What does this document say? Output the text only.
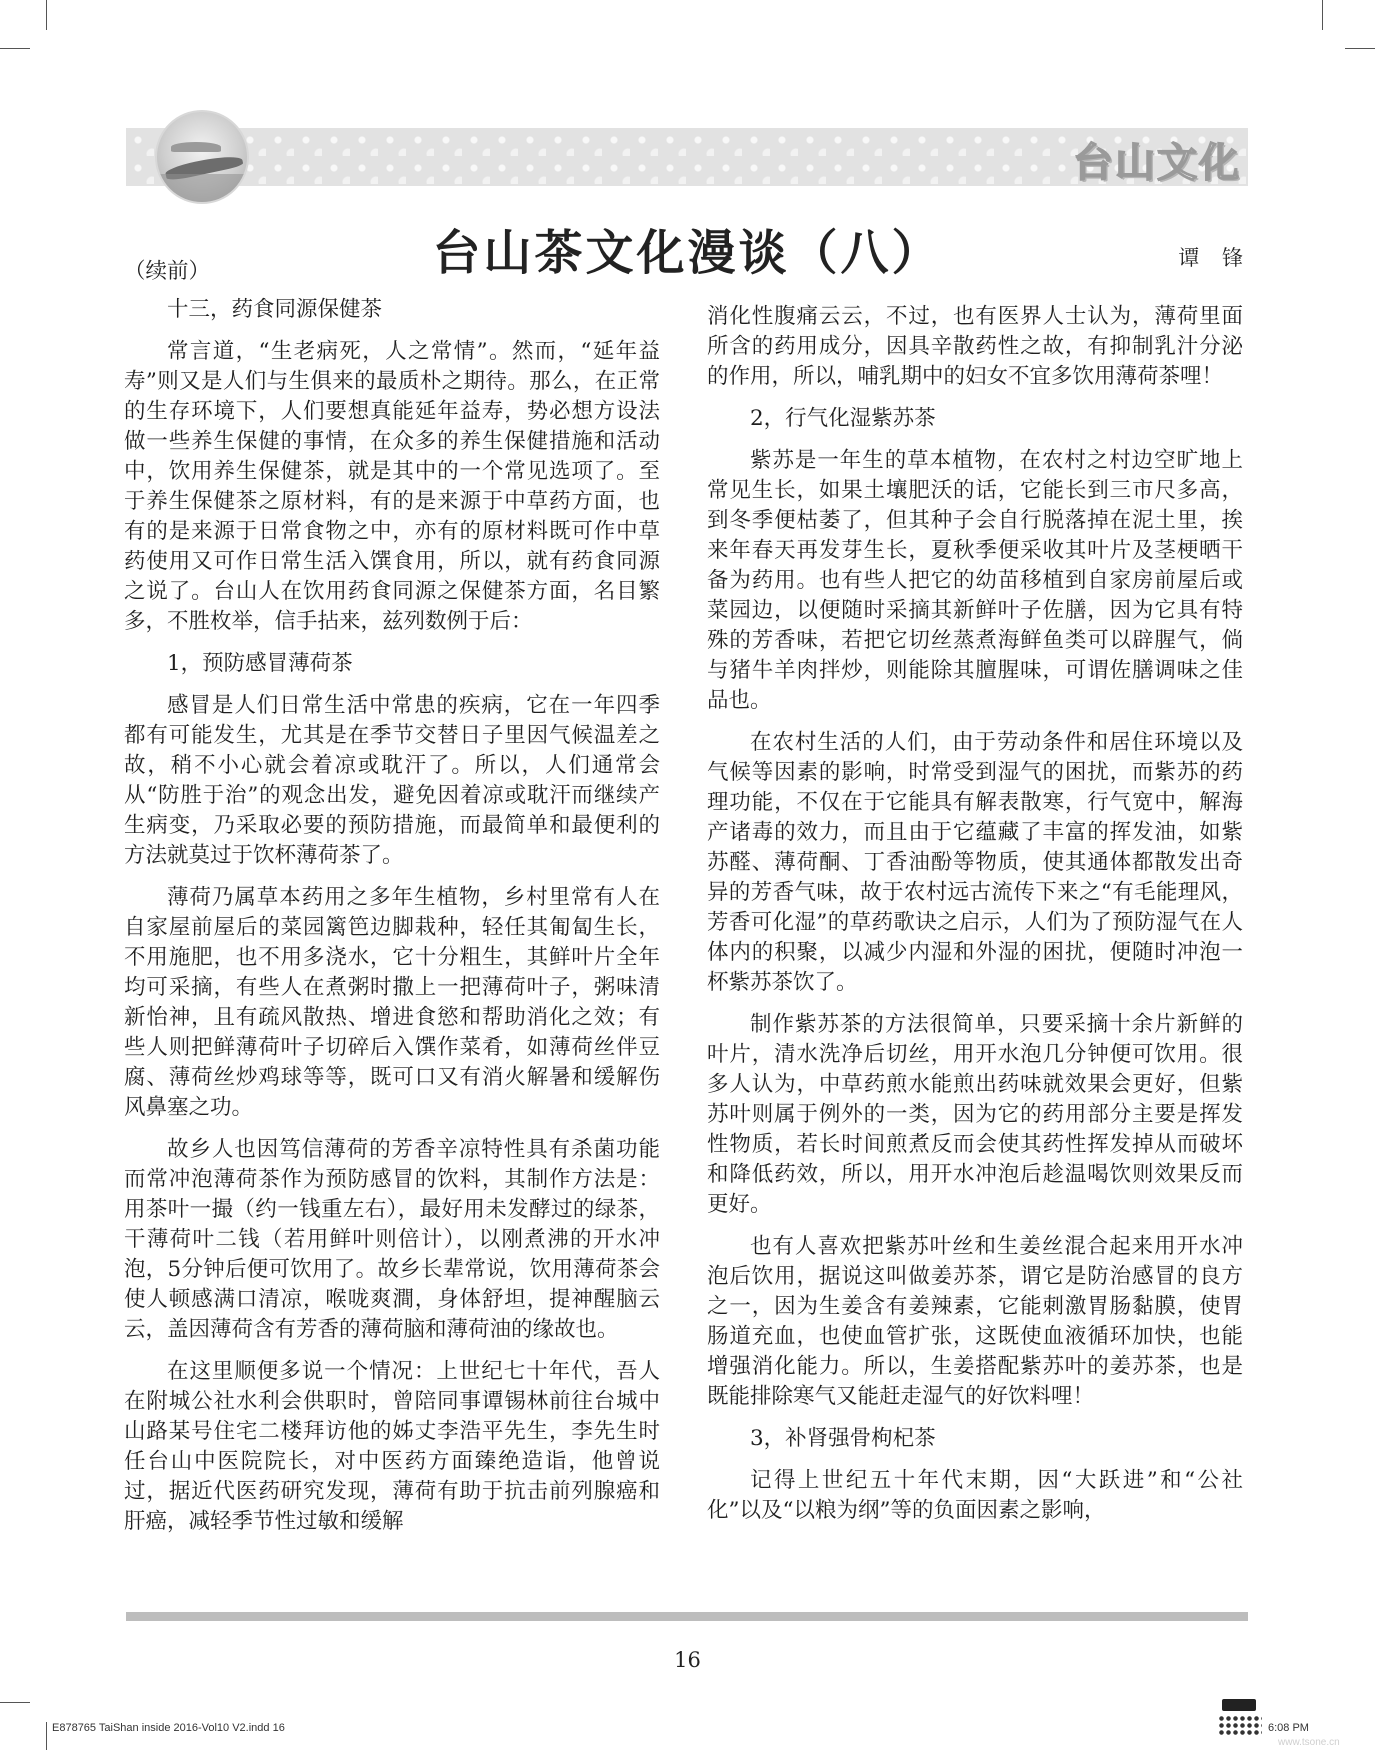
台山文化
台山茶文化漫谈（八）	谭 锋

（续前）

十三，药食同源保健茶

常言道，“生老病死，人之常情”。然而，“延年益寿”则又是人们与生俱来的最质朴之期待。那么，在正常的生存环境下，人们要想真能延年益寿，势必想方设法做一些养生保健的事情，在众多的养生保健措施和活动中，饮用养生保健茶，就是其中的一个常见选项了。至于养生保健茶之原材料，有的是来源于中草药方面，也有的是来源于日常食物之中，亦有的原材料既可作中草药使用又可作日常生活入馔食用，所以，就有药食同源之说了。台山人在饮用药食同源之保健茶方面，名目繁多，不胜枚举，信手拈来，兹列数例于后：

1，预防感冒薄荷茶

感冒是人们日常生活中常患的疾病，它在一年四季都有可能发生，尤其是在季节交替日子里因气候温差之故，稍不小心就会着凉或耽汗了。所以，人们通常会从“防胜于治”的观念出发，避免因着凉或耽汗而继续产生病变，乃采取必要的预防措施，而最简单和最便利的方法就莫过于饮杯薄荷茶了。

薄荷乃属草本药用之多年生植物，乡村里常有人在自家屋前屋后的菜园篱笆边脚栽种，轻任其匍匐生长，不用施肥，也不用多浇水，它十分粗生，其鲜叶片全年均可采摘，有些人在煮粥时撒上一把薄荷叶子，粥味清新怡神，且有疏风散热、增进食慾和帮助消化之效；有些人则把鲜薄荷叶子切碎后入馔作菜肴，如薄荷丝伴豆腐、薄荷丝炒鸡球等等，既可口又有消火解暑和缓解伤风鼻塞之功。

故乡人也因笃信薄荷的芳香辛凉特性具有杀菌功能而常冲泡薄荷茶作为预防感冒的饮料，其制作方法是：用茶叶一撮（约一钱重左右），最好用未发酵过的绿茶，干薄荷叶二钱（若用鲜叶则倍计），以刚煮沸的开水冲泡，5分钟后便可饮用了。故乡长辈常说，饮用薄荷茶会使人顿感满口清凉，喉咙爽澗，身体舒坦，提神醒脑云云，盖因薄荷含有芳香的薄荷脑和薄荷油的缘故也。

在这里顺便多说一个情况：上世纪七十年代，吾人在附城公社水利会供职时，曾陪同事谭锡林前往台城中山路某号住宅二楼拜访他的姊丈李浩平先生，李先生时任台山中医院院长，对中医药方面臻绝造诣，他曾说过，据近代医药研究发现，薄荷有助于抗击前列腺癌和肝癌，减轻季节性过敏和缓解

消化性腹痛云云，不过，也有医界人士认为，薄荷里面所含的药用成分，因具辛散药性之故，有抑制乳汁分泌的作用，所以，哺乳期中的妇女不宜多饮用薄荷茶哩！

2，行气化湿紫苏茶

紫苏是一年生的草本植物，在农村之村边空旷地上常见生长，如果土壤肥沃的话，它能长到三市尺多高，到冬季便枯萎了，但其种子会自行脱落掉在泥土里，挨来年春天再发芽生长，夏秋季便采收其叶片及茎梗晒干备为药用。也有些人把它的幼苗移植到自家房前屋后或菜园边，以便随时采摘其新鲜叶子佐膳，因为它具有特殊的芳香味，若把它切丝蒸煮海鲜鱼类可以辟腥气，倘与猪牛羊肉拌炒，则能除其膻腥味，可谓佐膳调味之佳品也。

在农村生活的人们，由于劳动条件和居住环境以及气候等因素的影响，时常受到湿气的困扰，而紫苏的药理功能，不仅在于它能具有解表散寒，行气宽中，解海产诸毒的效力，而且由于它蕴藏了丰富的挥发油，如紫苏醛、薄荷酮、丁香油酚等物质，使其通体都散发出奇异的芳香气味，故于农村远古流传下来之“有毛能理风，芳香可化湿”的草药歌诀之启示，人们为了预防湿气在人体内的积聚，以减少内湿和外湿的困扰，便随时冲泡一杯紫苏茶饮了。

制作紫苏茶的方法很简单，只要采摘十余片新鲜的叶片，清水洗净后切丝，用开水泡几分钟便可饮用。很多人认为，中草药煎水能煎出药味就效果会更好，但紫苏叶则属于例外的一类，因为它的药用部分主要是挥发性物质，若长时间煎煮反而会使其药性挥发掉从而破坏和降低药效，所以，用开水冲泡后趁温喝饮则效果反而更好。

也有人喜欢把紫苏叶丝和生姜丝混合起来用开水冲泡后饮用，据说这叫做姜苏茶，谓它是防治感冒的良方之一，因为生姜含有姜辣素，它能刺激胃肠黏膜，使胃肠道充血，也使血管扩张，这既使血液循环加快，也能增强消化能力。所以，生姜搭配紫苏叶的姜苏茶，也是既能排除寒气又能赶走湿气的好饮料哩！

3，补肾强骨枸杞茶

记得上世纪五十年代末期，因“大跃进”和“公社化”以及“以粮为纲”等的负面因素之影响，

16
E878765 TaiShan inside 2016-Vol10 V2.indd 16	6:08 PM
www.tsone.cn
